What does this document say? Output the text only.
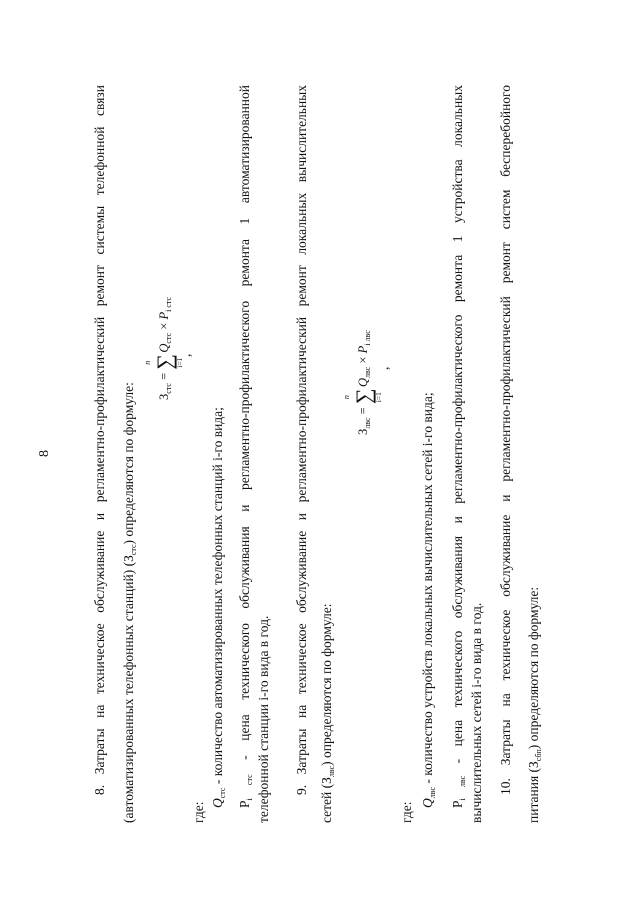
8	8. Затраты на техническое обслуживание и регламентно-профилактический ремонт системы телефонной связи (автоматизированных телефонных станций) $(З_{стс})$ определяются по формуле: $З_{стс}$ =
n ∑
i=1
$Q_{стс} \times P_{i стс}$
,
где: $Q_{стс}$ - количество автоматизированных телефонных станций i-го вида;
$P_{i стс}$ - цена технического обслуживания и регламентно-профилактического ремонта 1 автоматизированной телефонной станции i-го вида в год. 9. Затраты на техническое обслуживание и регламентно-профилактический ремонт локальных вычислительных
сетей $(З_{лвс})$ определяются по формуле:
$З_{лвс}$ =
n ∑
i=1
$Q_{лвс} \times P_{i лвс}$
,
где: $Q_{лвс}$ - количество устройств локальных вычислительных сетей i-го вида;
$P_{i лвс}$ - цена технического обслуживания и регламентно-профилактического ремонта 1 устройства локальных вычислительных сетей i-го вида в год. 10. Затраты на техническое обслуживание и регламентно-профилактический ремонт систем бесперебойного
питания $(З_{сбп})$ определяются по формуле:
